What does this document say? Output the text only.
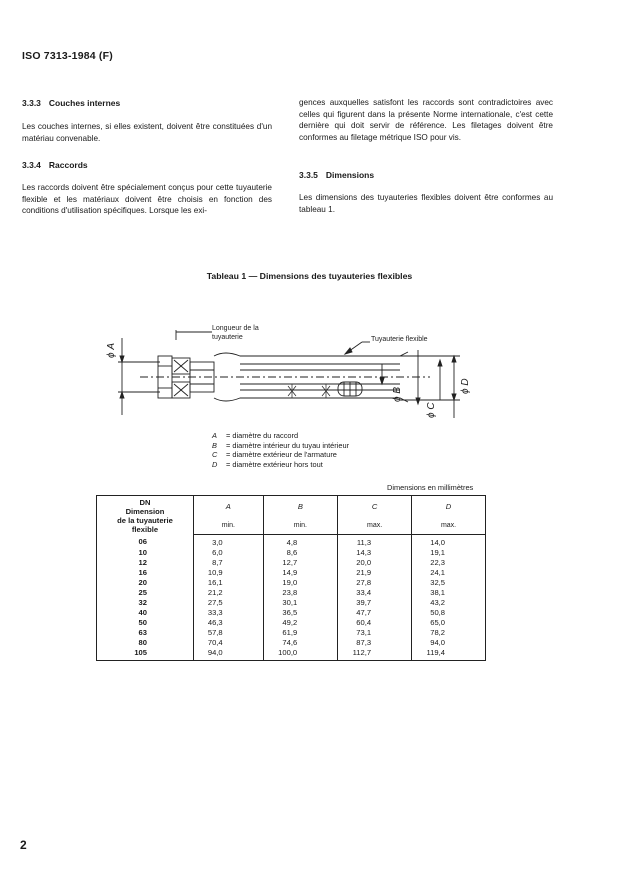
ISO 7313-1984 (F)
3.3.3 Couches internes
Les couches internes, si elles existent, doivent être constituées d'un matériau convenable.
3.3.4 Raccords
Les raccords doivent être spécialement conçus pour cette tuyauterie flexible et les matériaux doivent être choisis en fonction des conditions d'utilisation spécifiques. Lorsque les exi-
gences auxquelles satisfont les raccords sont contradictoires avec celles qui figurent dans la présente Norme internationale, c'est cette dernière qui doit servir de référence. Les filetages doivent être conformes au filetage métrique ISO pour vis.
3.3.5 Dimensions
Les dimensions des tuyauteries flexibles doivent être conformes au tableau 1.
Tableau 1 — Dimensions des tuyauteries flexibles
Longueur de la
tuyauterie	Tuyauterie flexible
ϕ A
ϕ B
ϕ C
ϕ D
A = diamètre du raccord
B = diamètre intérieur du tuyau intérieur
C = diamètre extérieur de l'armature
D = diamètre extérieur hors tout
Dimensions en millimètres
DN
Dimension
de la tuyauterie
flexible	A	B	C	D
	min.	min.	max.	max.
06	3,0	4,8	11,3	14,0
10	6,0	8,6	14,3	19,1
12	8,7	12,7	20,0	22,3
16	10,9	14,9	21,9	24,1
20	16,1	19,0	27,8	32,5
25	21,2	23,8	33,4	38,1
32	27,5	30,1	39,7	43,2
40	33,3	36,5	47,7	50,8
50	46,3	49,2	60,4	65,0
63	57,8	61,9	73,1	78,2
80	70,4	74,6	87,3	94,0
105	94,0	100,0	112,7	119,4
2
